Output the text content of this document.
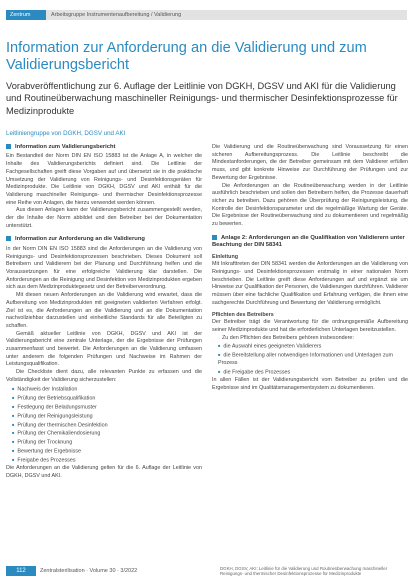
Zentrum	Arbeitsgruppe Instrumentenaufbereitung / Validierung
Information zur Anforderung an die Validierung und zum Validierungsbericht
Vorabveröffentlichung zur 6. Auflage der Leitlinie von DGKH, DGSV und AKI für die Validierung und Routineüberwachung maschineller Reinigungs- und thermischer Desinfektionsprozesse für Medizinprodukte
Leitliniengruppe von DGKH, DGSV und AKI
Information zum Validierungsbericht

Ein Bestandteil der Norm DIN EN ISO 15883 ist die Anlage A, in welcher die Inhalte des Validierungsberichts definiert sind. Die Leitlinie der Fachgesellschaften greift diese Vorgaben auf und übersetzt sie in die praktische Umsetzung der Validierung von Reinigungs- und Desinfektionsgeräten für Medizinprodukte. Die Leitlinie von DGKH, DGSV und AKI enthält für die Validierung maschineller Reinigungs- und thermischer Desinfektionsprozesse eine Reihe von Anlagen, die hierzu verwendet werden können.

Aus diesen Anlagen kann der Validierungsbericht zusammengestellt werden, der die Inhalte der Norm abbildet und den Betreiber bei der Dokumentation unterstützt.

Information zur Anforderung an die Validierung

In der Norm DIN EN ISO 15883 sind die Anforderungen an die Validierung von Reinigungs- und Desinfektionsprozessen beschrieben. Dieses Dokument soll Betreibern und Validierern bei der Planung und Durchführung helfen und die Voraussetzungen für eine erfolgreiche Validierung klar darstellen. Die Anforderungen an die Reinigung und Desinfektion von Medizinprodukten ergeben sich aus dem Medizinproduktegesetz und der Betreiberverordnung.

Mit diesen neuen Anforderungen an die Validierung wird erwartet, dass die Aufbereitung von Medizinprodukten mit geeigneten validierten Verfahren erfolgt. Ziel ist es, die Anforderungen an die Validierung und an die Dokumentation nachvollziehbar darzustellen und einheitliche Standards für alle Beteiligten zu schaffen.

Gemäß aktueller Leitlinie von DGKH, DGSV und AKI ist der Validierungsbericht eine zentrale Unterlage, der die Ergebnisse der Prüfungen zusammenfasst und bewertet. Die Anforderungen an die Validierung umfassen unter anderem die folgenden Prüfungen und Nachweise im Rahmen der Leistungsqualifikation.

Die Checkliste dient dazu, alle relevanten Punkte zu erfassen und die Vollständigkeit der Validierung sicherzustellen:

■ Nachweis der Installation
■ Prüfung der Betriebsqualifikation
■ Festlegung der Beladungsmuster
■ Prüfung der Reinigungsleistung
■ Prüfung der thermischen Desinfektion
■ Prüfung der Chemikaliendosierung
■ Prüfung der Trocknung
■ Bewertung der Ergebnisse
■ Freigabe des Prozesses

Die Anforderungen an die Validierung gelten für die 6. Auflage der Leitlinie von DGKH, DGSV und AKI.

Die Validierung und die Routineüberwachung sind Voraussetzung für einen sicheren Aufbereitungsprozess. Die Leitlinie beschreibt die Mindestanforderungen, die der Betreiber gemeinsam mit dem Validierer erfüllen muss, und gibt konkrete Hinweise zur Durchführung der Prüfungen und zur Bewertung der Ergebnisse.

Die Anforderungen an die Routineüberwachung werden in der Leitlinie ausführlich beschrieben und sollen den Betreibern helfen, die Prozesse dauerhaft sicher zu betreiben. Dazu gehören die Überprüfung der Reinigungsleistung, die Kontrolle der Desinfektionsparameter und die regelmäßige Wartung der Geräte. Die Ergebnisse der Routineüberwachung sind zu dokumentieren und regelmäßig zu bewerten.

Anlage 2: Anforderungen an die Qualifikation von Validierern unter Beachtung der DIN 58341
Einleitung

Mit Inkrafttreten der DIN 58341 werden die Anforderungen an die Validierung von Reinigungs- und Desinfektionsprozessen erstmalig in einer nationalen Norm beschrieben. Die Leitlinie greift diese Anforderungen auf und ergänzt sie um Hinweise zur Qualifikation der Personen, die Validierungen durchführen. Validierer müssen über eine fachliche Qualifikation und Erfahrung verfügen, die ihnen eine sachgerechte Durchführung und Bewertung der Validierung ermöglicht.

Pflichten des Betreibers

Der Betreiber trägt die Verantwortung für die ordnungsgemäße Aufbereitung seiner Medizinprodukte und hat die erforderlichen Unterlagen bereitzustellen.

Zu den Pflichten des Betreibers gehören insbesondere:

■ die Auswahl eines geeigneten Validierers
■ die Bereitstellung aller notwendigen Informationen und Unterlagen zum Prozess
■ die Freigabe des Prozesses

In allen Fällen ist der Validierungsbericht vom Betreiber zu prüfen und die Ergebnisse sind im Qualitätsmanagementsystem zu dokumentieren.

112	Zentralsterilisation · Volume 30 · 3/2022	DGKH, DGSV, AKI: Leitlinie für die Validierung und Routineüberwachung maschineller Reinigungs- und thermischer Desinfektionsprozesse für Medizinprodukte
